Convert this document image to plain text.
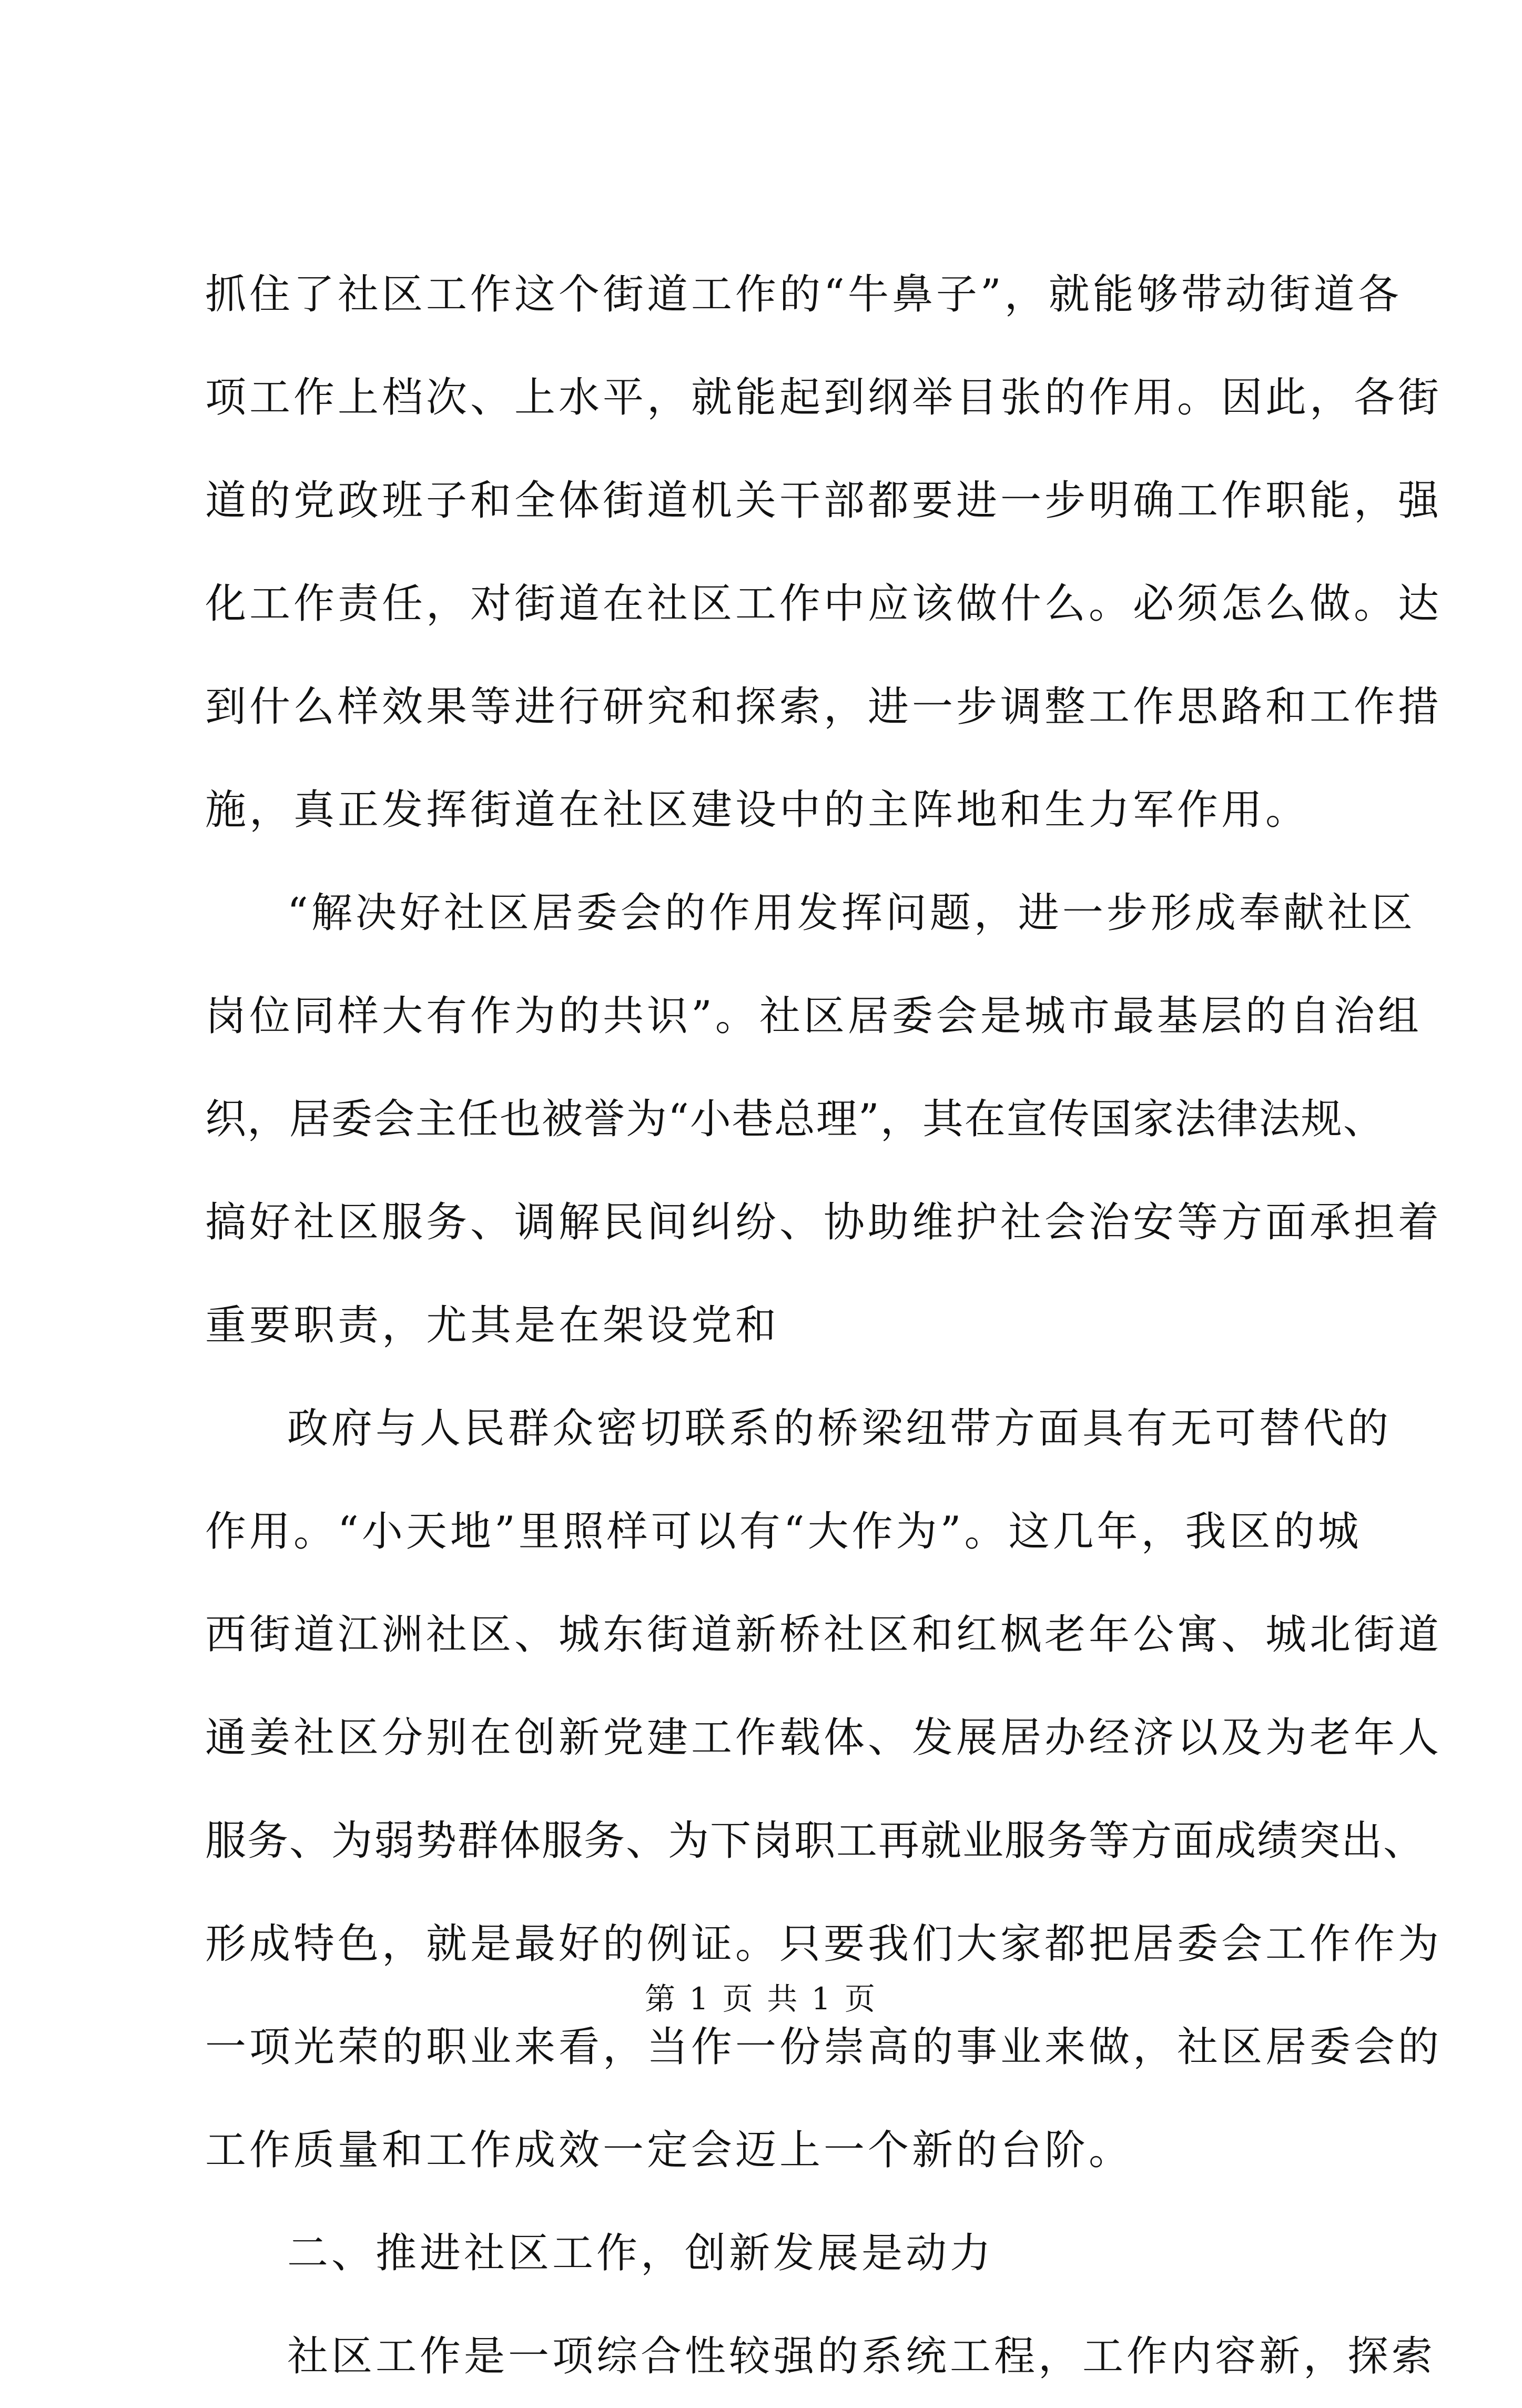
抓住了社区工作这个街道工作的“牛鼻子”，就能够带动街道各
项工作上档次、上水平，就能起到纲举目张的作用。因此，各街
道的党政班子和全体街道机关干部都要进一步明确工作职能，强
化工作责任，对街道在社区工作中应该做什么。必须怎么做。达
到什么样效果等进行研究和探索，进一步调整工作思路和工作措
施，真正发挥街道在社区建设中的主阵地和生力军作用。
“解决好社区居委会的作用发挥问题，进一步形成奉献社区
岗位同样大有作为的共识”。社区居委会是城市最基层的自治组
织，居委会主任也被誉为“小巷总理”，其在宣传国家法律法规、
搞好社区服务、调解民间纠纷、协助维护社会治安等方面承担着
重要职责，尤其是在架设党和
政府与人民群众密切联系的桥梁纽带方面具有无可替代的
作用。“小天地”里照样可以有“大作为”。这几年，我区的城
西街道江洲社区、城东街道新桥社区和红枫老年公寓、城北街道
通姜社区分别在创新党建工作载体、发展居办经济以及为老年人
服务、为弱势群体服务、为下岗职工再就业服务等方面成绩突出、
形成特色，就是最好的例证。只要我们大家都把居委会工作作为
一项光荣的职业来看，当作一份崇高的事业来做，社区居委会的
工作质量和工作成效一定会迈上一个新的台阶。
二、推进社区工作，创新发展是动力
社区工作是一项综合性较强的系统工程，工作内容新，探索
第 1 页 共 1 页
